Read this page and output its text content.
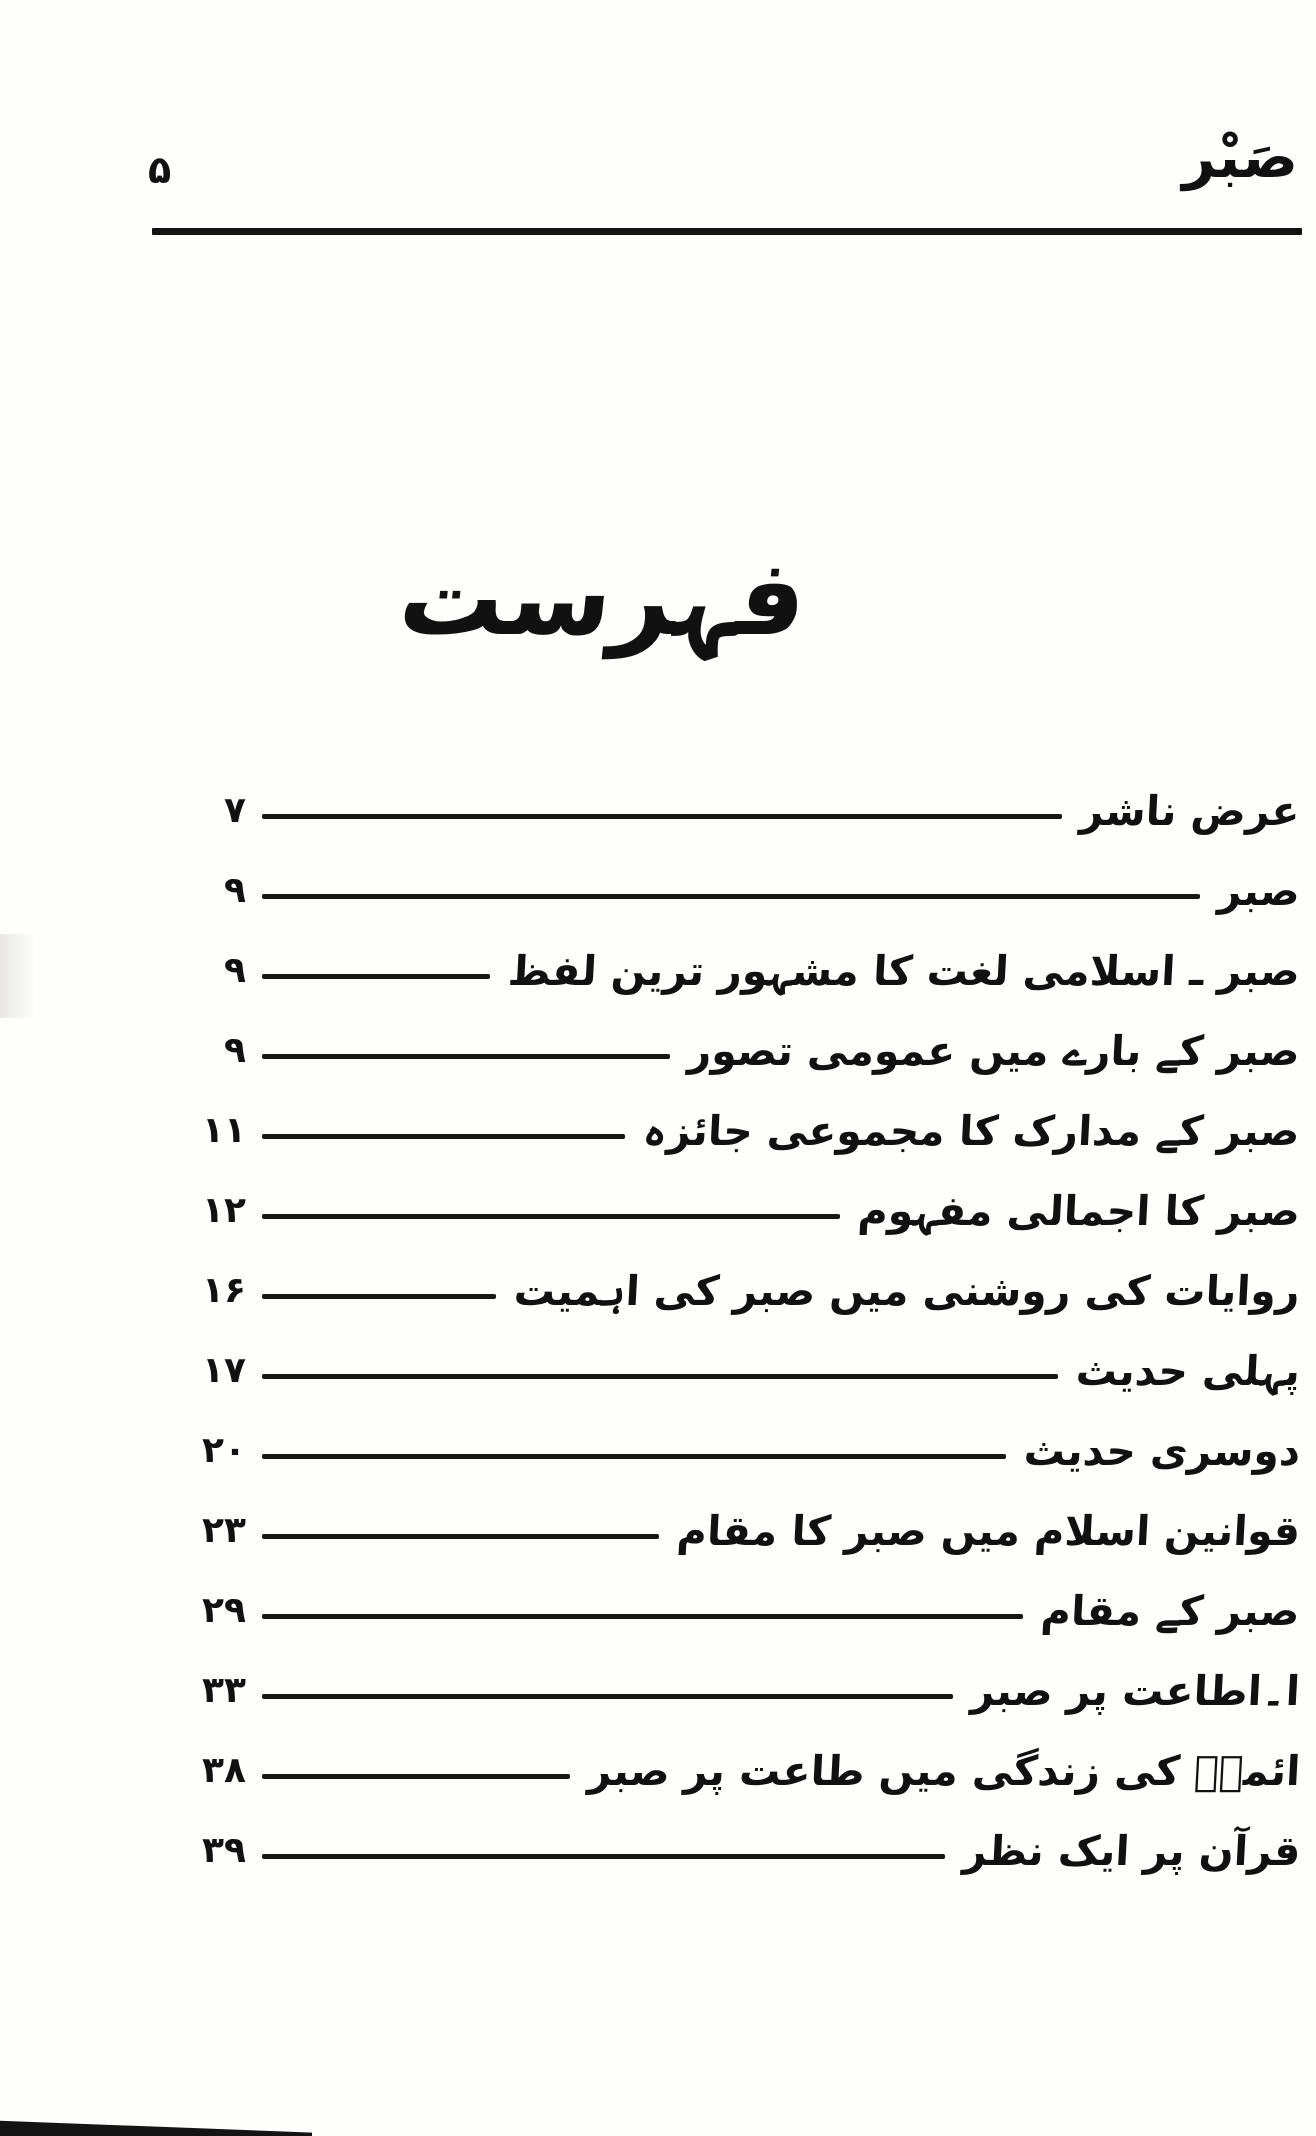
۵	صَبْر
فہرست
۷	عرض ناشر
۹	صبر
۹	صبر ـ اسلامی لغت کا مشہور ترین لفظ
۹	صبر کے بارے میں عمومی تصور
۱۱	صبر کے مدارک کا مجموعی جائزہ
۱۲	صبر کا اجمالی مفہوم
۱۶	روایات کی روشنی میں صبر کی اہمیت
۱۷	پہلی حدیث
۲۰	دوسری حدیث
۲۳	قوانین اسلام میں صبر کا مقام
۲۹	صبر کے مقام
۳۳	ا۔اطاعت پر صبر
۳۸	ائمہؑ کی زندگی میں طاعت پر صبر
۳۹	قرآن پر ایک نظر
